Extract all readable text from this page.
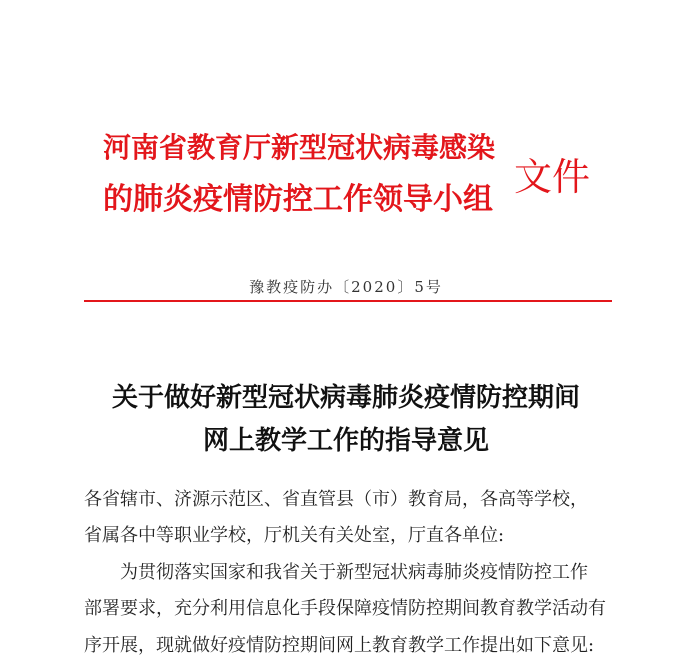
河南省教育厅新型冠状病毒感染
的肺炎疫情防控工作领导小组
文件
豫教疫防办〔2020〕5号
关于做好新型冠状病毒肺炎疫情防控期间
网上教学工作的指导意见
各省辖市、济源示范区、省直管县（市）教育局，各高等学校，
省属各中等职业学校，厅机关有关处室，厅直各单位:
　为贯彻落实国家和我省关于新型冠状病毒肺炎疫情防控工作
部署要求，充分利用信息化手段保障疫情防控期间教育教学活动有
序开展，现就做好疫情防控期间网上教育教学工作提出如下意见:
